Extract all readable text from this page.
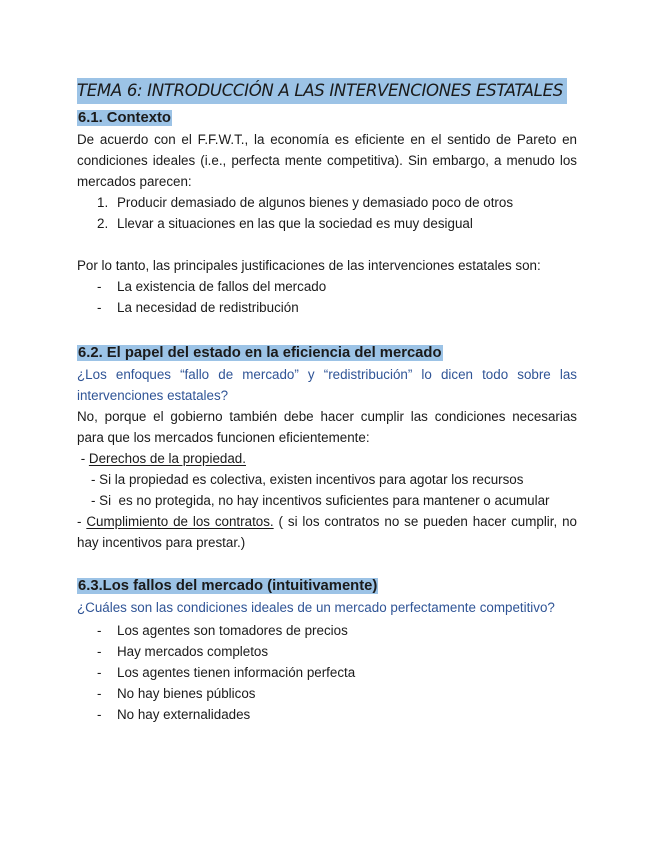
TEMA 6: INTRODUCCIÓN A LAS INTERVENCIONES ESTATALES
6.1. Contexto
De acuerdo con el F.F.W.T., la economía es eficiente en el sentido de Pareto en
condiciones ideales (i.e., perfecta mente competitiva). Sin embargo, a menudo los
mercados parecen:
1. Producir demasiado de algunos bienes y demasiado poco de otros
2. Llevar a situaciones en las que la sociedad es muy desigual
Por lo tanto, las principales justificaciones de las intervenciones estatales son:
- La existencia de fallos del mercado
- La necesidad de redistribución
6.2. El papel del estado en la eficiencia del mercado
¿Los enfoques “fallo de mercado” y “redistribución” lo dicen todo sobre las
intervenciones estatales?
No, porque el gobierno también debe hacer cumplir las condiciones necesarias
para que los mercados funcionen eficientemente:
- Derechos de la propiedad.
- Si la propiedad es colectiva, existen incentivos para agotar los recursos
- Si  es no protegida, no hay incentivos suficientes para mantener o acumular
- Cumplimiento de los contratos. ( si los contratos no se pueden hacer cumplir, no
hay incentivos para prestar.)
6.3.Los fallos del mercado (intuitivamente)
¿Cuáles son las condiciones ideales de un mercado perfectamente competitivo?
- Los agentes son tomadores de precios
- Hay mercados completos
- Los agentes tienen información perfecta
- No hay bienes públicos
- No hay externalidades
